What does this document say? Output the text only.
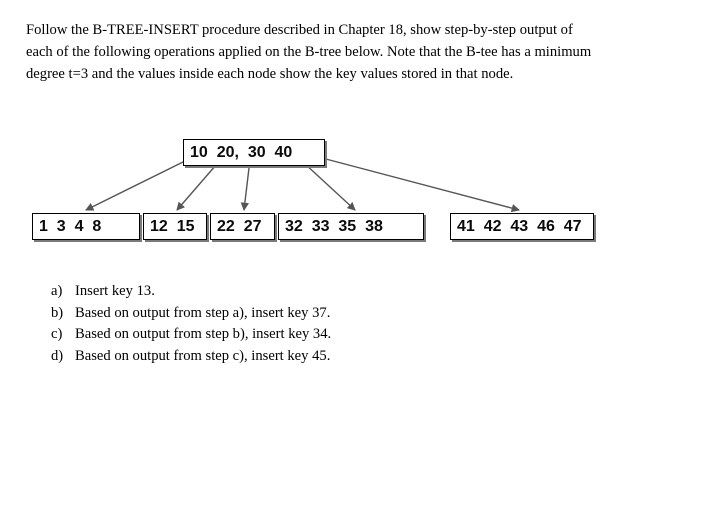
Follow the B-TREE-INSERT procedure described in Chapter 18, show step-by-step output of

each of the following operations applied on the B-tree below. Note that the B-tee has a minimum

degree t=3 and the values inside each node show the key values stored in that node.

10  20,  30  40
1  3  4  8	12  15	22  27	32  33  35  38	41  42  43  46  47
a) Insert key 13.
b) Based on output from step a), insert key 37.
c) Based on output from step b), insert key 34.
d) Based on output from step c), insert key 45.
